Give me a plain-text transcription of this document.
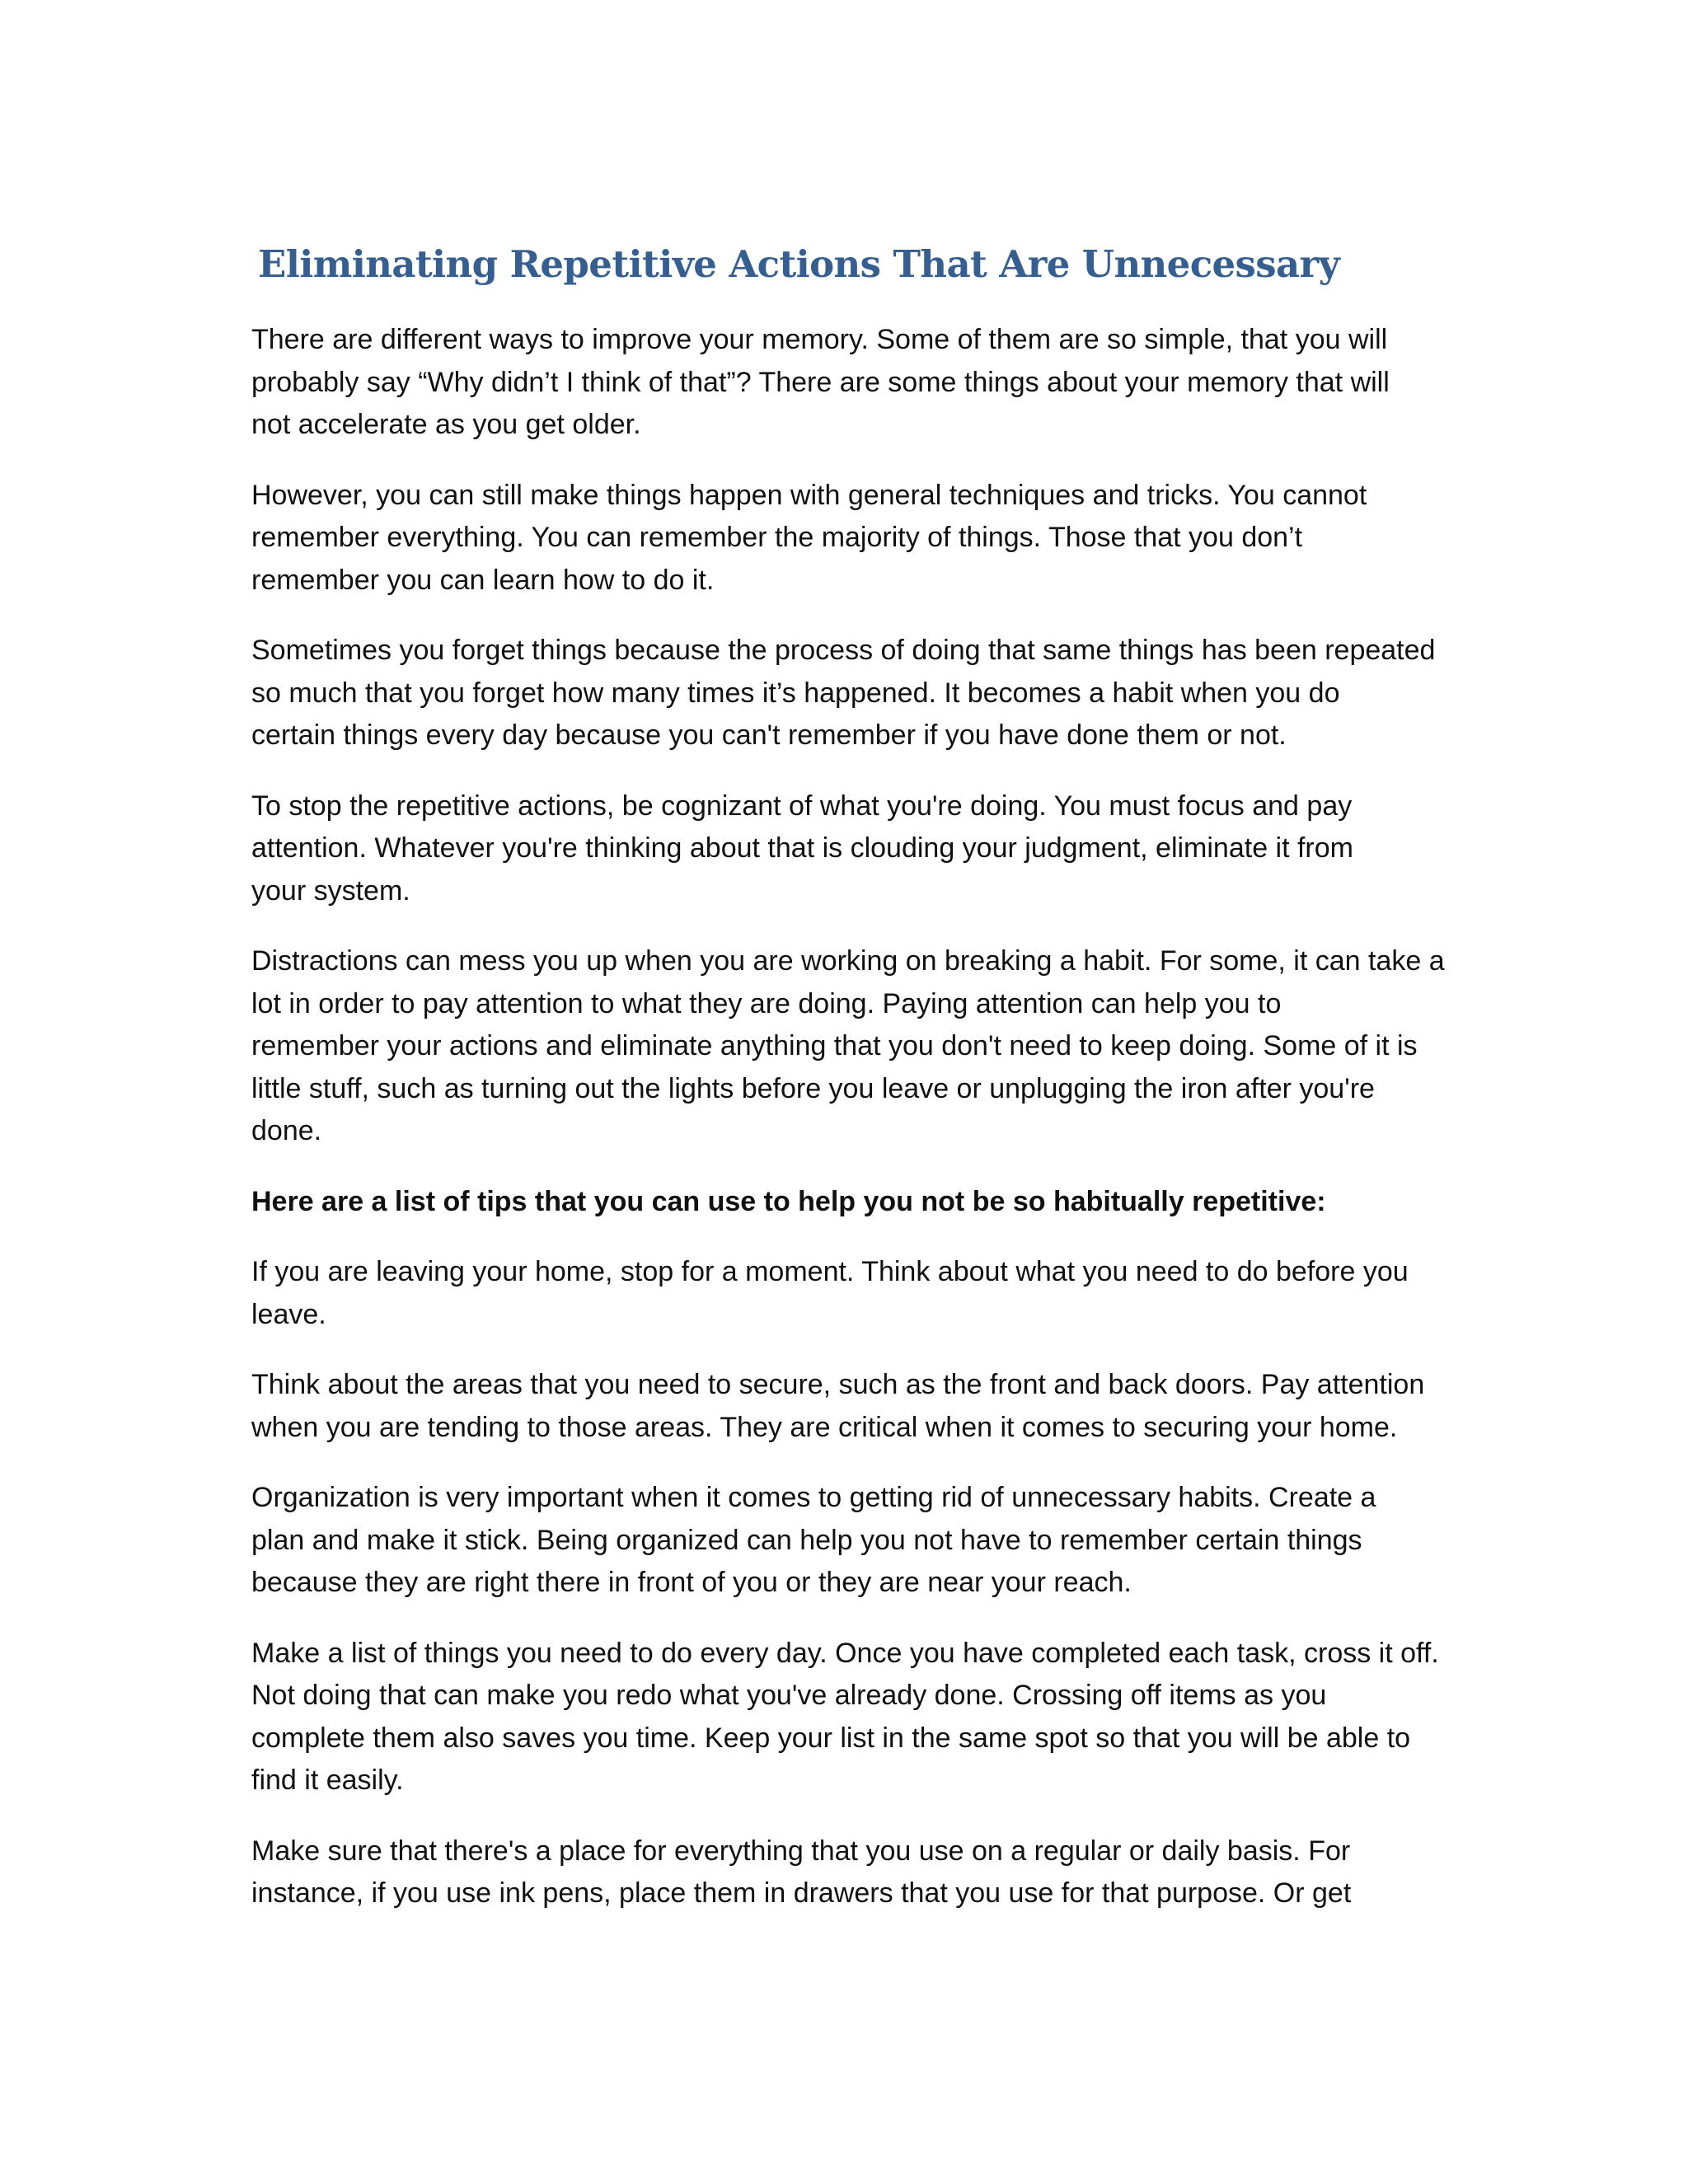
Eliminating Repetitive Actions That Are Unnecessary

There are different ways to improve your memory. Some of them are so simple, that you will
probably say “Why didn’t I think of that”? There are some things about your memory that will
not accelerate as you get older.

However, you can still make things happen with general techniques and tricks. You cannot
remember everything. You can remember the majority of things. Those that you don’t
remember you can learn how to do it.

Sometimes you forget things because the process of doing that same things has been repeated
so much that you forget how many times it’s happened. It becomes a habit when you do
certain things every day because you can't remember if you have done them or not.

To stop the repetitive actions, be cognizant of what you're doing. You must focus and pay
attention. Whatever you're thinking about that is clouding your judgment, eliminate it from
your system.

Distractions can mess you up when you are working on breaking a habit. For some, it can take a
lot in order to pay attention to what they are doing. Paying attention can help you to
remember your actions and eliminate anything that you don't need to keep doing. Some of it is
little stuff, such as turning out the lights before you leave or unplugging the iron after you're
done.

Here are a list of tips that you can use to help you not be so habitually repetitive:

If you are leaving your home, stop for a moment. Think about what you need to do before you
leave.

Think about the areas that you need to secure, such as the front and back doors. Pay attention
when you are tending to those areas. They are critical when it comes to securing your home.

Organization is very important when it comes to getting rid of unnecessary habits. Create a
plan and make it stick. Being organized can help you not have to remember certain things
because they are right there in front of you or they are near your reach.

Make a list of things you need to do every day. Once you have completed each task, cross it off.
Not doing that can make you redo what you've already done. Crossing off items as you
complete them also saves you time. Keep your list in the same spot so that you will be able to
find it easily.

Make sure that there's a place for everything that you use on a regular or daily basis. For
instance, if you use ink pens, place them in drawers that you use for that purpose. Or get
